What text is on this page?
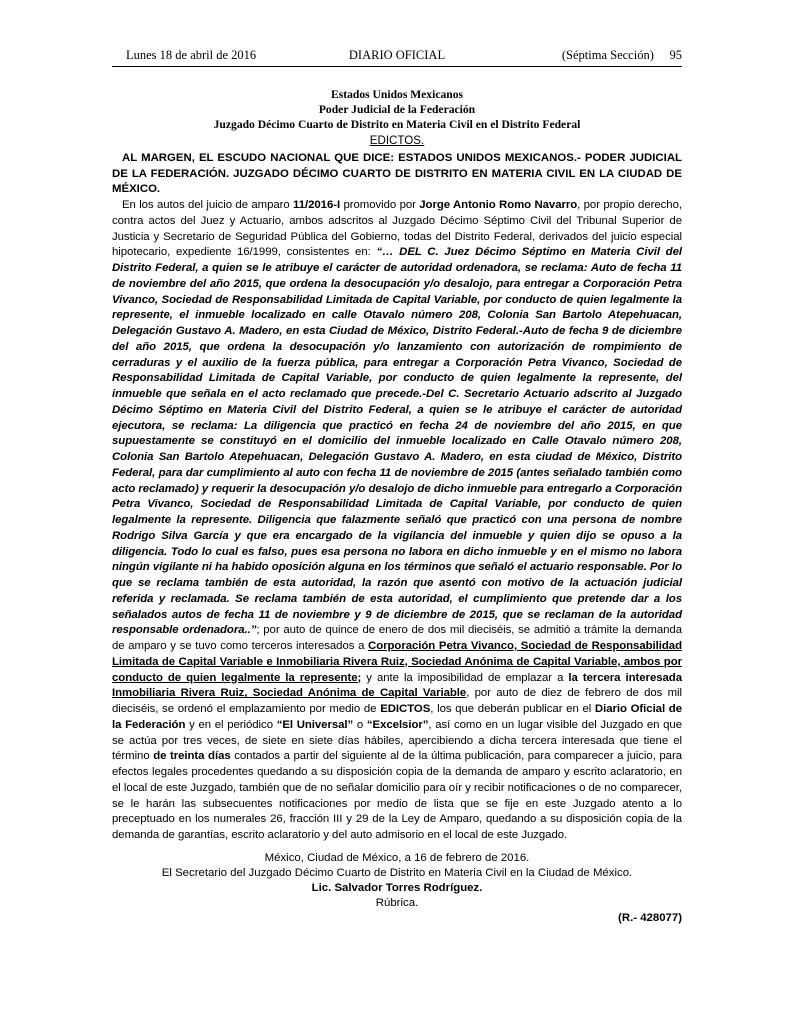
Lunes 18 de abril de 2016	DIARIO OFICIAL	(Séptima Sección) 95
Estados Unidos Mexicanos
Poder Judicial de la Federación
Juzgado Décimo Cuarto de Distrito en Materia Civil en el Distrito Federal
EDICTOS.

AL MARGEN, EL ESCUDO NACIONAL QUE DICE: ESTADOS UNIDOS MEXICANOS.- PODER JUDICIAL DE LA FEDERACIÓN. JUZGADO DÉCIMO CUARTO DE DISTRITO EN MATERIA CIVIL EN LA CIUDAD DE MÉXICO.

En los autos del juicio de amparo 11/2016-I promovido por Jorge Antonio Romo Navarro, por propio derecho, contra actos del Juez y Actuario, ambos adscritos al Juzgado Décimo Séptimo Civil del Tribunal Superior de Justicia y Secretario de Seguridad Pública del Gobierno, todas del Distrito Federal, derivados del juicio especial hipotecario, expediente 16/1999, consistentes en: “… DEL C. Juez Décimo Séptimo en Materia Civil del Distrito Federal, a quien se le atribuye el carácter de autoridad ordenadora, se reclama: Auto de fecha 11 de noviembre del año 2015, que ordena la desocupación y/o desalojo, para entregar a Corporación Petra Vivanco, Sociedad de Responsabilidad Limitada de Capital Variable, por conducto de quien legalmente la represente, el inmueble localizado en calle Otavalo número 208, Colonia San Bartolo Atepehuacan, Delegación Gustavo A. Madero, en esta Ciudad de México, Distrito Federal.-Auto de fecha 9 de diciembre del año 2015, que ordena la desocupación y/o lanzamiento con autorización de rompimiento de cerraduras y el auxilio de la fuerza pública, para entregar a Corporación Petra Vivanco, Sociedad de Responsabilidad Limitada de Capital Variable, por conducto de quien legalmente la represente, del inmueble que señala en el acto reclamado que precede.-Del C. Secretario Actuario adscrito al Juzgado Décimo Séptimo en Materia Civil del Distrito Federal, a quien se le atribuye el carácter de autoridad ejecutora, se reclama: La diligencia que practicó en fecha 24 de noviembre del año 2015, en que supuestamente se constituyó en el domicilio del inmueble localizado en Calle Otavalo número 208, Colonia San Bartolo Atepehuacan, Delegación Gustavo A. Madero, en esta ciudad de México, Distrito Federal, para dar cumplimiento al auto con fecha 11 de noviembre de 2015 (antes señalado también como acto reclamado) y requerir la desocupación y/o desalojo de dicho inmueble para entregarlo a Corporación Petra Vivanco, Sociedad de Responsabilidad Limitada de Capital Variable, por conducto de quien legalmente la represente. Diligencia que falazmente señaló que practicó con una persona de nombre Rodrigo Silva García y que era encargado de la vigilancia del inmueble y quien dijo se opuso a la diligencia. Todo lo cual es falso, pues esa persona no labora en dicho inmueble y en el mismo no labora ningún vigilante ni ha habido oposición alguna en los términos que señaló el actuario responsable. Por lo que se reclama también de esta autoridad, la razón que asentó con motivo de la actuación judicial referida y reclamada. Se reclama también de esta autoridad, el cumplimiento que pretende dar a los señalados autos de fecha 11 de noviembre y 9 de diciembre de 2015, que se reclaman de la autoridad responsable ordenadora..”; por auto de quince de enero de dos mil dieciséis, se admitió a trámite la demanda de amparo y se tuvo como terceros interesados a Corporación Petra Vivanco, Sociedad de Responsabilidad Limitada de Capital Variable e Inmobiliaria Rivera Ruiz, Sociedad Anónima de Capital Variable, ambos por conducto de quien legalmente la represente; y ante la imposibilidad de emplazar a la tercera interesada Inmobiliaria Rivera Ruiz, Sociedad Anónima de Capital Variable, por auto de diez de febrero de dos mil dieciséis, se ordenó el emplazamiento por medio de EDICTOS, los que deberán publicar en el Diario Oficial de la Federación y en el periódico “El Universal” o “Excelsior”, así como en un lugar visible del Juzgado en que se actúa por tres veces, de siete en siete días hábiles, apercibiendo a dicha tercera interesada que tiene el término de treinta días contados a partir del siguiente al de la última publicación, para comparecer a juicio, para efectos legales procedentes quedando a su disposición copia de la demanda de amparo y escrito aclaratorio, en el local de este Juzgado, también que de no señalar domicilio para oír y recibir notificaciones o de no comparecer, se le harán las subsecuentes notificaciones por medio de lista que se fije en este Juzgado atento a lo preceptuado en los numerales 26, fracción III y 29 de la Ley de Amparo, quedando a su disposición copia de la demanda de garantías, escrito aclaratorio y del auto admisorio en el local de este Juzgado.

México, Ciudad de México, a 16 de febrero de 2016.
El Secretario del Juzgado Décimo Cuarto de Distrito en Materia Civil en la Ciudad de México.
Lic. Salvador Torres Rodríguez.
Rúbrica.
(R.- 428077)
